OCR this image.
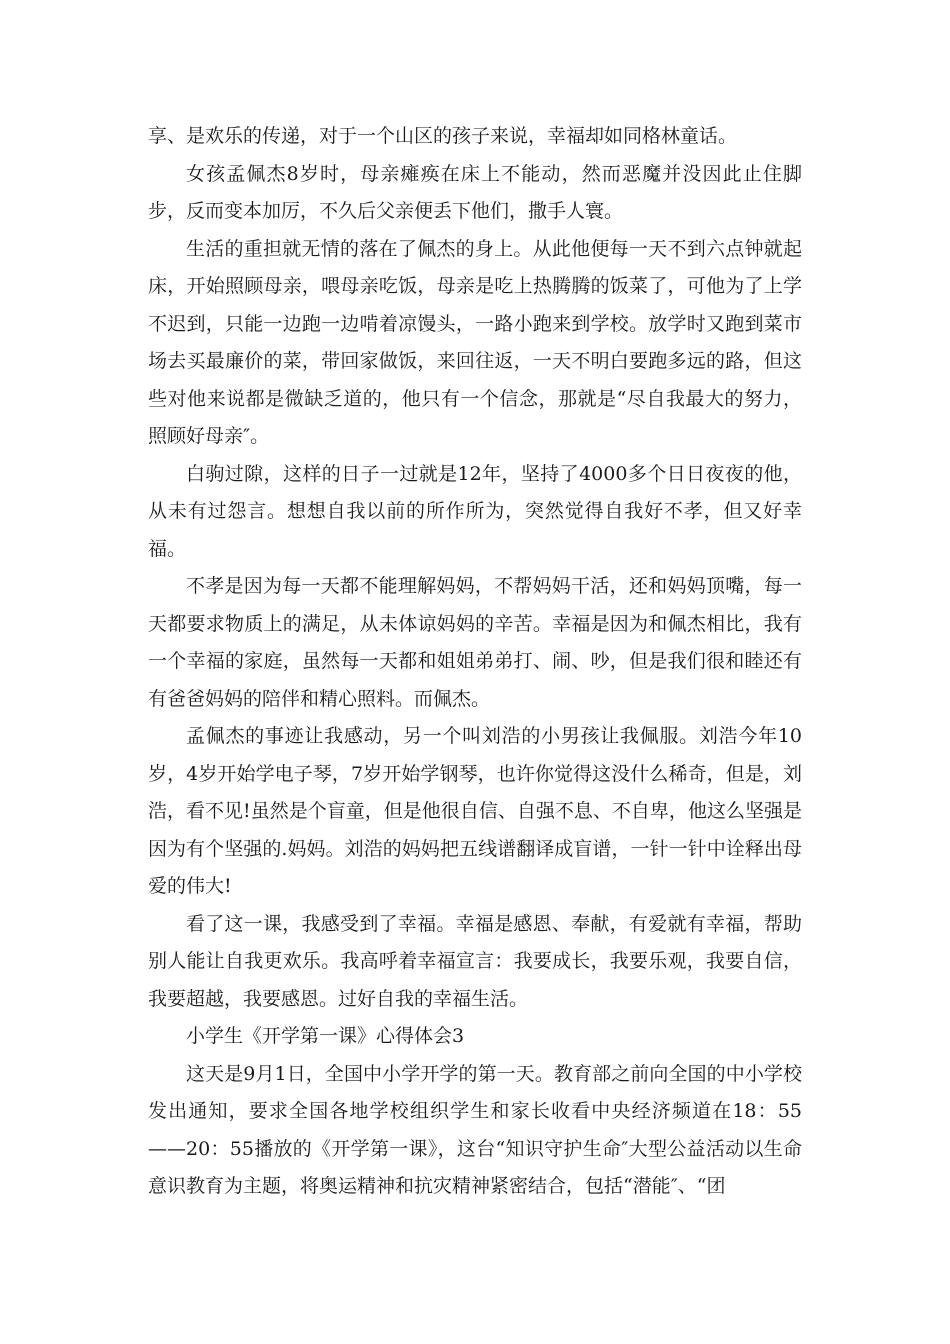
享、是欢乐的传递，对于一个山区的孩子来说，幸福却如同格林童话。

女孩孟佩杰8岁时，母亲瘫痪在床上不能动，然而恶魔并没因此止住脚步，反而变本加厉，不久后父亲便丢下他们，撒手人寰。

生活的重担就无情的落在了佩杰的身上。从此他便每一天不到六点钟就起床，开始照顾母亲，喂母亲吃饭，母亲是吃上热腾腾的饭菜了，可他为了上学不迟到，只能一边跑一边啃着凉馒头，一路小跑来到学校。放学时又跑到菜市场去买最廉价的菜，带回家做饭，来回往返，一天不明白要跑多远的路，但这些对他来说都是微缺乏道的，他只有一个信念，那就是“尽自我最大的努力，照顾好母亲″。

白驹过隙，这样的日子一过就是12年，坚持了4000多个日日夜夜的他，从未有过怨言。想想自我以前的所作所为，突然觉得自我好不孝，但又好幸福。

不孝是因为每一天都不能理解妈妈，不帮妈妈干活，还和妈妈顶嘴，每一天都要求物质上的满足，从未体谅妈妈的辛苦。幸福是因为和佩杰相比，我有一个幸福的家庭，虽然每一天都和姐姐弟弟打、闹、吵，但是我们很和睦还有有爸爸妈妈的陪伴和精心照料。而佩杰。

孟佩杰的事迹让我感动，另一个叫刘浩的小男孩让我佩服。刘浩今年10岁，4岁开始学电子琴，7岁开始学钢琴，也许你觉得这没什么稀奇，但是，刘浩，看不见!虽然是个盲童，但是他很自信、自强不息、不自卑，他这么坚强是因为有个坚强的.妈妈。刘浩的妈妈把五线谱翻译成盲谱，一针一针中诠释出母爱的伟大!

看了这一课，我感受到了幸福。幸福是感恩、奉献，有爱就有幸福，帮助别人能让自我更欢乐。我高呼着幸福宣言：我要成长，我要乐观，我要自信，我要超越，我要感恩。过好自我的幸福生活。

小学生《开学第一课》心得体会3

这天是9月1日，全国中小学开学的第一天。教育部之前向全国的中小学校发出通知，要求全国各地学校组织学生和家长收看中央经济频道在18：55——20：55播放的《开学第一课》，这台“知识守护生命″大型公益活动以生命意识教育为主题，将奥运精神和抗灾精神紧密结合，包括“潜能″、“团
